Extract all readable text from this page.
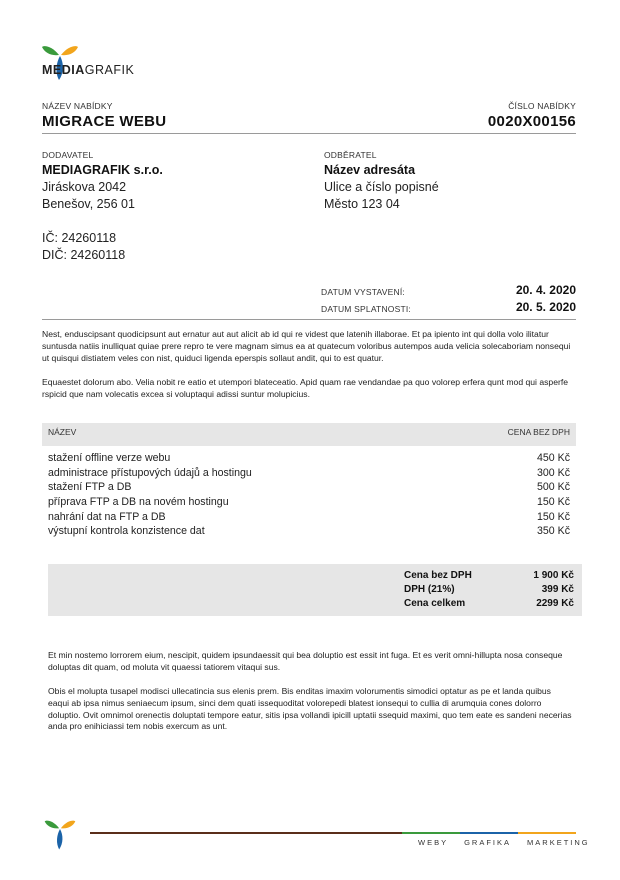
MEDIAGRAFIK
NÁZEV NABÍDKY
MIGRACE WEBU
ČÍSLO NABÍDKY
0020X00156
DODAVATEL
MEDIAGRAFIK s.r.o.
Jiráskova 2042
Benešov, 256 01
IČ: 24260118
DIČ: 24260118
ODBĚRATEL
Název adresáta
Ulice a číslo popisné
Město 123 04
DATUM VYSTAVENÍ:	20. 4. 2020
DATUM SPLATNOSTI:	20. 5. 2020
Nest, enduscipsant quodicipsunt aut ernatur aut aut alicit ab id qui re videst que latenih illaborae. Et pa ipiento int qui dolla volo ilitatur suntusda natiis inulliquat quiae prere repro te vere magnam simus ea at quatecum voloribus autempos auda velicia solecaboriam nonsequi ut quisqui distiatem veles con nist, quiduci ligenda eperspis sollaut andit, qui to est quatur.
Equaestet dolorum abo. Velia nobit re eatio et utempori blateceatio. Apid quam rae vendandae pa quo volorep erfera qunt mod qui asperfe rspicid que nam volecatis excea si voluptaqui adissi suntur molupicius.
NÁZEV	CENA BEZ DPH
stažení offline verze webu	450 Kč
administrace přístupových údajů a hostingu	300 Kč
stažení FTP a DB	500 Kč
příprava FTP a DB na novém hostingu	150 Kč
nahrání dat na FTP a DB	150 Kč
výstupní kontrola konzistence dat	350 Kč
Cena bez DPH	1 900 Kč
DPH (21%)	399 Kč
Cena celkem	2299 Kč
Et min nostemo lorrorem eium, nescipit, quidem ipsundaessit qui bea doluptio est essit int fuga. Et es verit omni-hillupta nosa conseque doluptas dit quam, od moluta vit quaessi tatiorem vitaqui sus.
Obis el molupta tusapel modisci ullecatincia sus elenis prem. Bis enditas imaxim volorumentis simodici optatur as pe et landa quibus eaqui ab ipsa nimus seniaecum ipsum, sinci dem quati issequoditat volorepedi blatest ionsequi to cullia di arumquia cones dolorro doluptio. Ovit omnimol orenectis doluptati tempore eatur, sitis ipsa vollandi ipicill uptatii ssequid maximi, quo tem eate es sandeni necerias anda pro enihiciassi tem nobis exercum as unt.
WEBY GRAFIKA MARKETING
